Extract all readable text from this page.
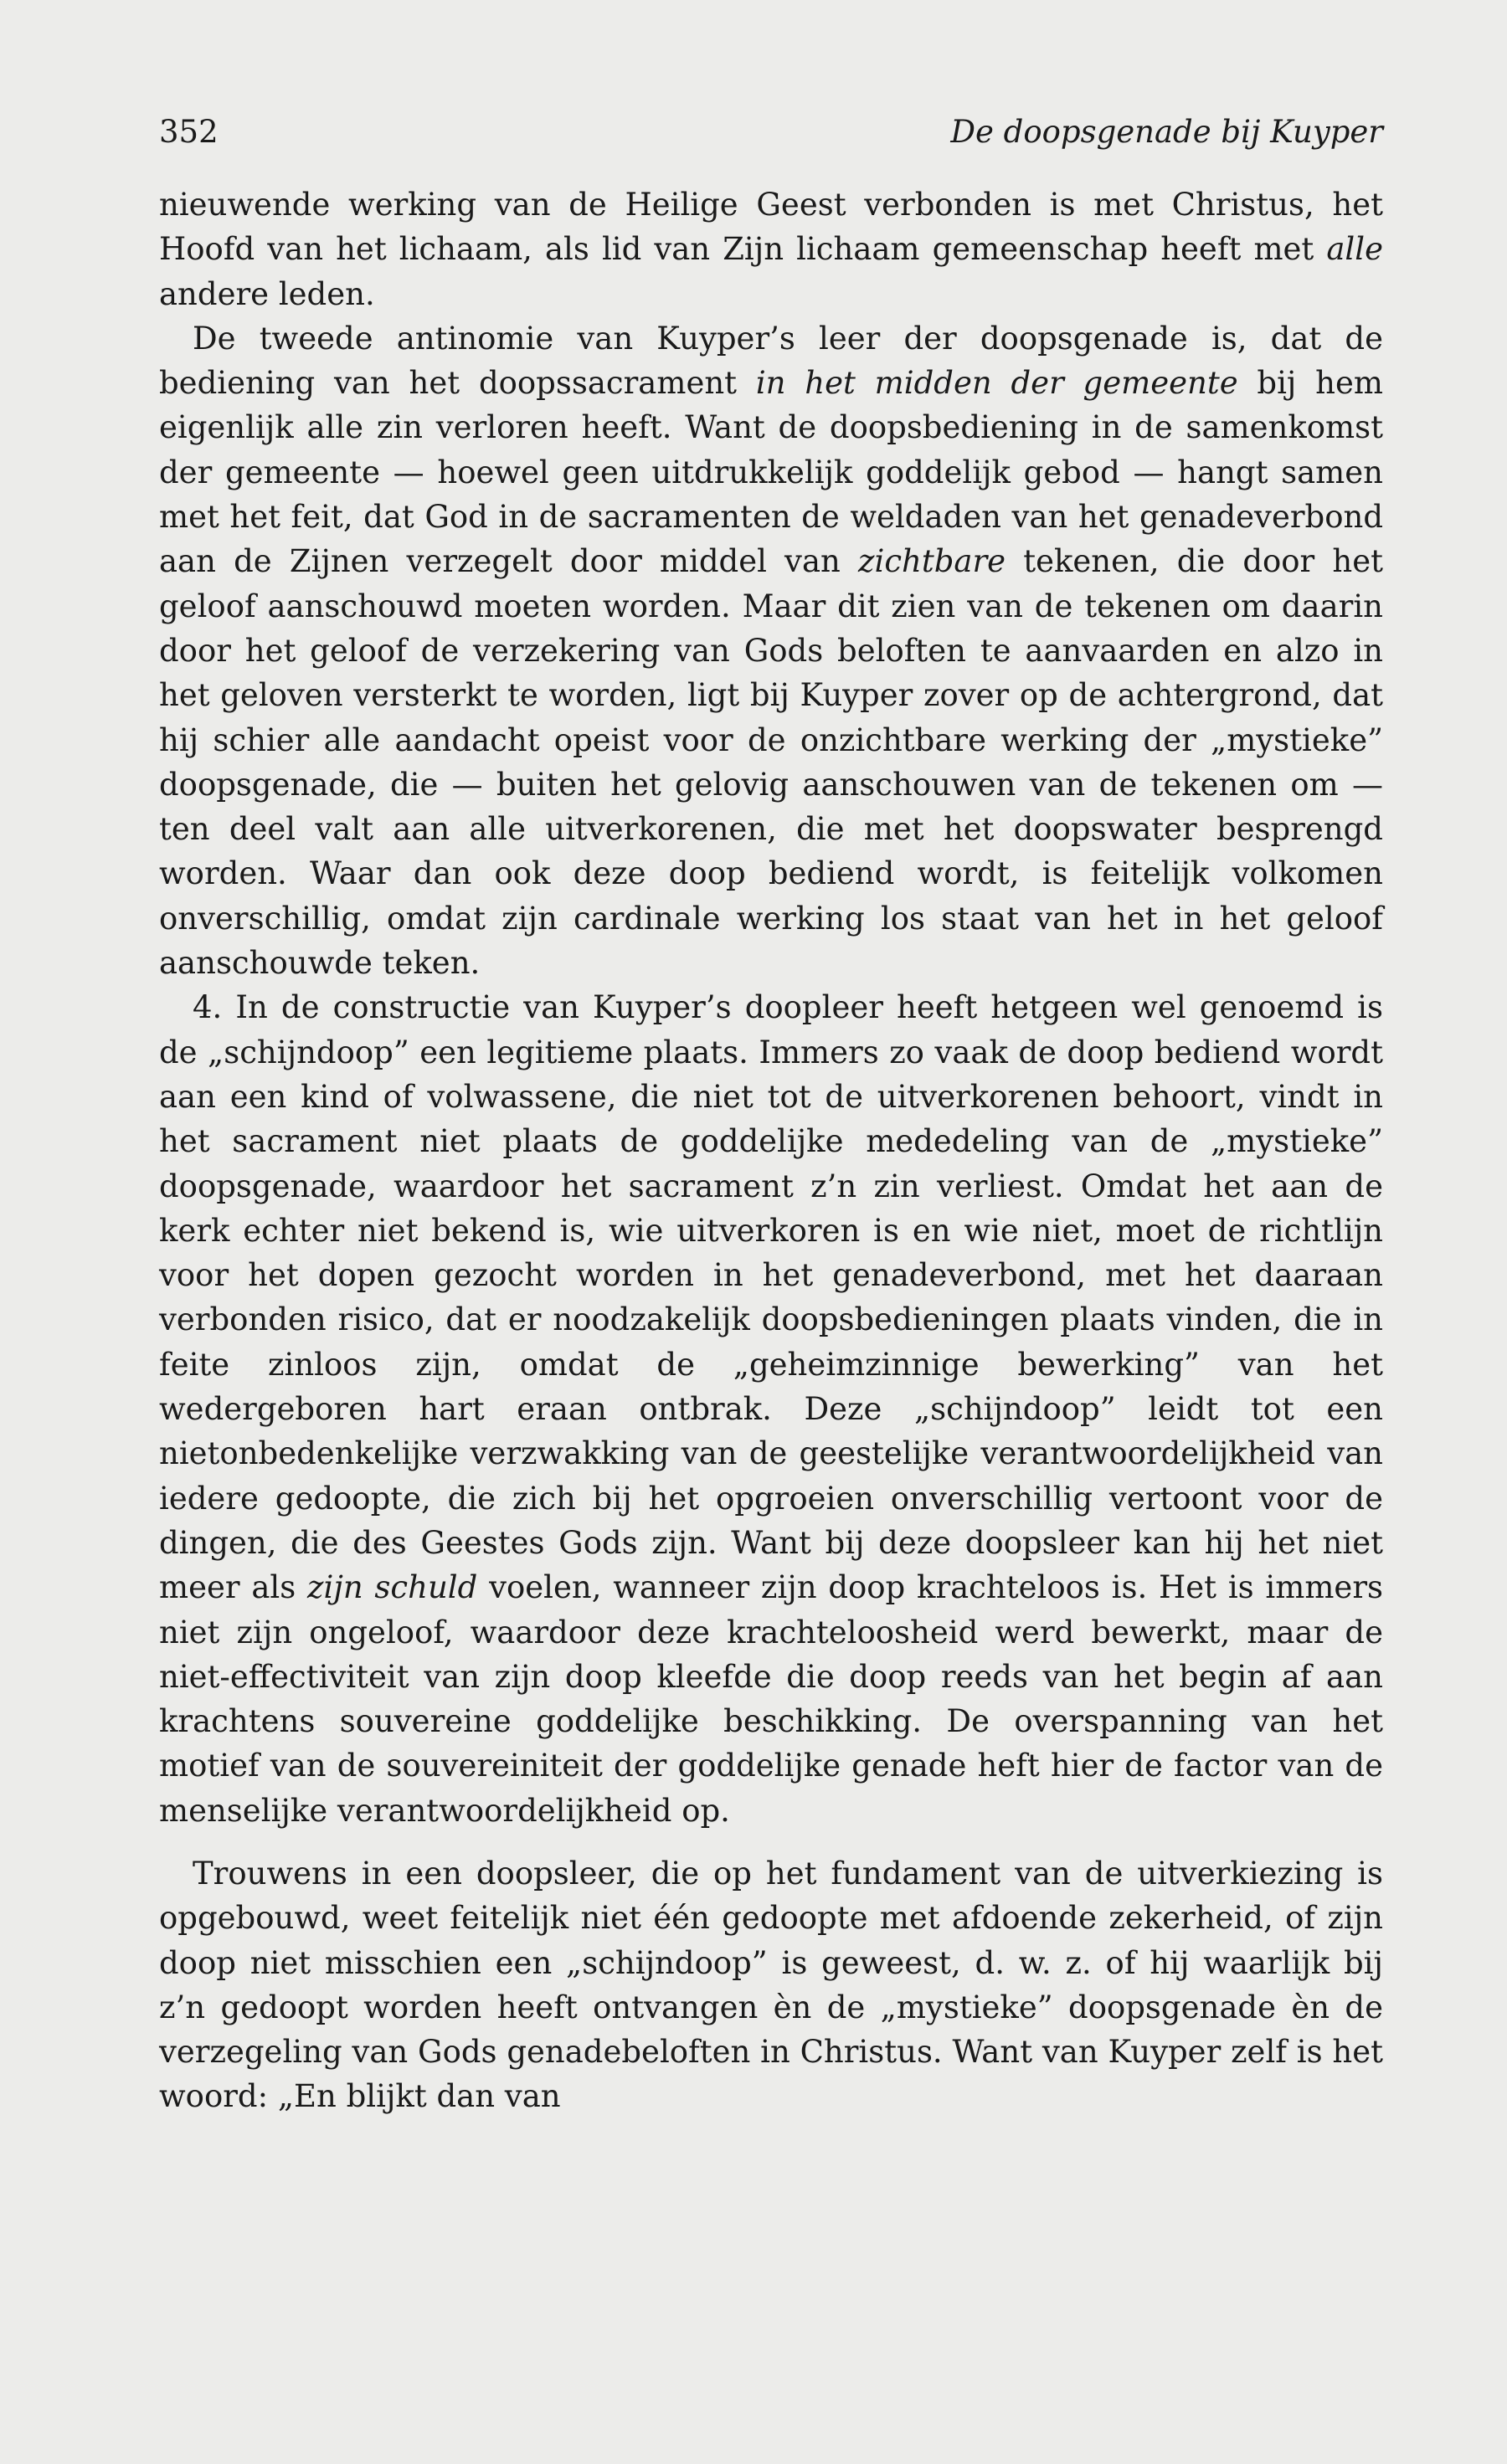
352	De doopsgenade bij Kuyper

nieuwende werking van de Heilige Geest verbonden is met Christus, het Hoofd van het lichaam, als lid van Zijn lichaam gemeenschap heeft met alle andere leden.

De tweede antinomie van Kuyper’s leer der doopsgenade is, dat de bediening van het doopssacrament in het midden der gemeente bij hem eigenlijk alle zin verloren heeft. Want de doopsbediening in de samenkomst der gemeente — hoewel geen uitdrukkelijk goddelijk gebod — hangt samen met het feit, dat God in de sacramenten de weldaden van het genadeverbond aan de Zijnen verzegelt door middel van zichtbare tekenen, die door het geloof aanschouwd moeten worden. Maar dit zien van de tekenen om daarin door het geloof de verzekering van Gods beloften te aanvaarden en alzo in het geloven versterkt te worden, ligt bij Kuyper zover op de achtergrond, dat hij schier alle aandacht opeist voor de onzichtbare werking der „mystieke” doopsgenade, die — buiten het gelovig aanschouwen van de tekenen om — ten deel valt aan alle uitverkorenen, die met het doopswater besprengd worden. Waar dan ook deze doop bediend wordt, is feitelijk volkomen onverschillig, omdat zijn cardinale werking los staat van het in het geloof aanschouwde teken.

4. In de constructie van Kuyper’s doopleer heeft hetgeen wel genoemd is de „schijndoop” een legitieme plaats. Immers zo vaak de doop bediend wordt aan een kind of volwassene, die niet tot de uitverkorenen behoort, vindt in het sacrament niet plaats de goddelijke mededeling van de „mystieke” doopsgenade, waardoor het sacrament z’n zin verliest. Omdat het aan de kerk echter niet bekend is, wie uitverkoren is en wie niet, moet de richtlijn voor het dopen gezocht worden in het genadeverbond, met het daaraan verbonden risico, dat er noodzakelijk doopsbedieningen plaats vinden, die in feite zinloos zijn, omdat de „geheimzinnige bewerking” van het wedergeboren hart eraan ontbrak. Deze „schijndoop” leidt tot een nietonbedenkelijke verzwakking van de geestelijke verantwoordelijkheid van iedere gedoopte, die zich bij het opgroeien onverschillig vertoont voor de dingen, die des Geestes Gods zijn. Want bij deze doopsleer kan hij het niet meer als zijn schuld voelen, wanneer zijn doop krachteloos is. Het is immers niet zijn ongeloof, waardoor deze krachteloosheid werd bewerkt, maar de niet-effectiviteit van zijn doop kleefde die doop reeds van het begin af aan krachtens souvereine goddelijke beschikking. De overspanning van het motief van de souvereiniteit der goddelijke genade heft hier de factor van de menselijke verantwoordelijkheid op.

Trouwens in een doopsleer, die op het fundament van de uitverkiezing is opgebouwd, weet feitelijk niet één gedoopte met afdoende zekerheid, of zijn doop niet misschien een „schijndoop” is geweest, d. w. z. of hij waarlijk bij z’n gedoopt worden heeft ontvangen èn de „mystieke” doopsgenade èn de verzegeling van Gods genadebeloften in Christus. Want van Kuyper zelf is het woord: „En blijkt dan van
